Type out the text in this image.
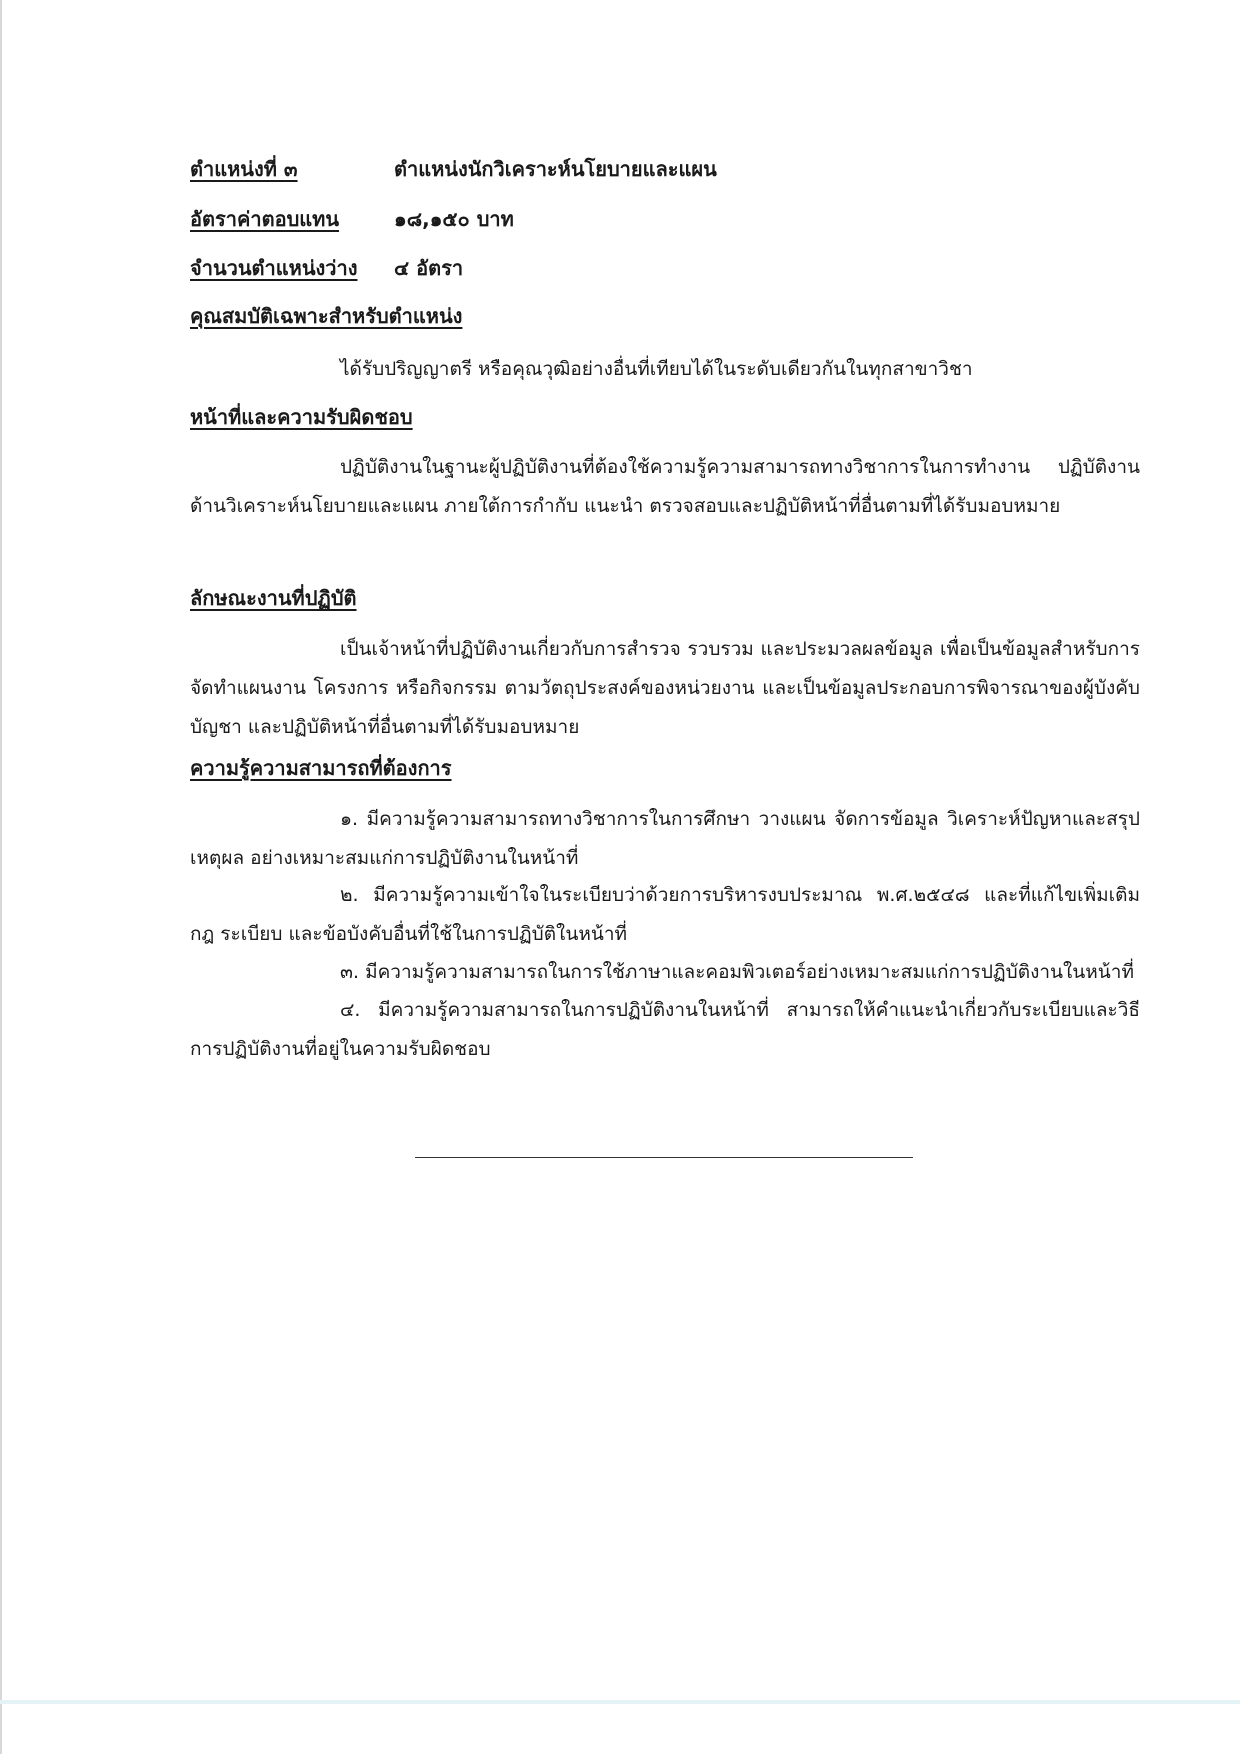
ตำแหน่งที่ ๓	ตำแหน่งนักวิเคราะห์นโยบายและแผน
อัตราค่าตอบแทน	๑๘,๑๕๐ บาท
จำนวนตำแหน่งว่าง ๔ อัตรา
คุณสมบัติเฉพาะสำหรับตำแหน่ง
ได้รับปริญญาตรี หรือคุณวุฒิอย่างอื่นที่เทียบได้ในระดับเดียวกันในทุกสาขาวิชา
หน้าที่และความรับผิดชอบ
ปฏิบัติงานในฐานะผู้ปฏิบัติงานที่ต้องใช้ความรู้ความสามารถทางวิชาการในการทำงาน ปฏิบัติงานด้านวิเคราะห์นโยบายและแผน ภายใต้การกำกับ แนะนำ ตรวจสอบและปฏิบัติหน้าที่อื่นตามที่ได้รับมอบหมาย
ลักษณะงานที่ปฏิบัติ
เป็นเจ้าหน้าที่ปฏิบัติงานเกี่ยวกับการสำรวจ รวบรวม และประมวลผลข้อมูล เพื่อเป็นข้อมูลสำหรับการจัดทำแผนงาน โครงการ หรือกิจกรรม ตามวัตถุประสงค์ของหน่วยงาน และเป็นข้อมูลประกอบการพิจารณาของผู้บังคับบัญชา และปฏิบัติหน้าที่อื่นตามที่ได้รับมอบหมาย
ความรู้ความสามารถที่ต้องการ
๑. มีความรู้ความสามารถทางวิชาการในการศึกษา วางแผน จัดการข้อมูล วิเคราะห์ปัญหาและสรุปเหตุผล อย่างเหมาะสมแก่การปฏิบัติงานในหน้าที่
๒. มีความรู้ความเข้าใจในระเบียบว่าด้วยการบริหารงบประมาณ พ.ศ.๒๕๔๘ และที่แก้ไขเพิ่มเติม กฎ ระเบียบ และข้อบังคับอื่นที่ใช้ในการปฏิบัติในหน้าที่
๓. มีความรู้ความสามารถในการใช้ภาษาและคอมพิวเตอร์อย่างเหมาะสมแก่การปฏิบัติงานในหน้าที่
๔. มีความรู้ความสามารถในการปฏิบัติงานในหน้าที่ สามารถให้คำแนะนำเกี่ยวกับระเบียบและวิธีการปฏิบัติงานที่อยู่ในความรับผิดชอบ
